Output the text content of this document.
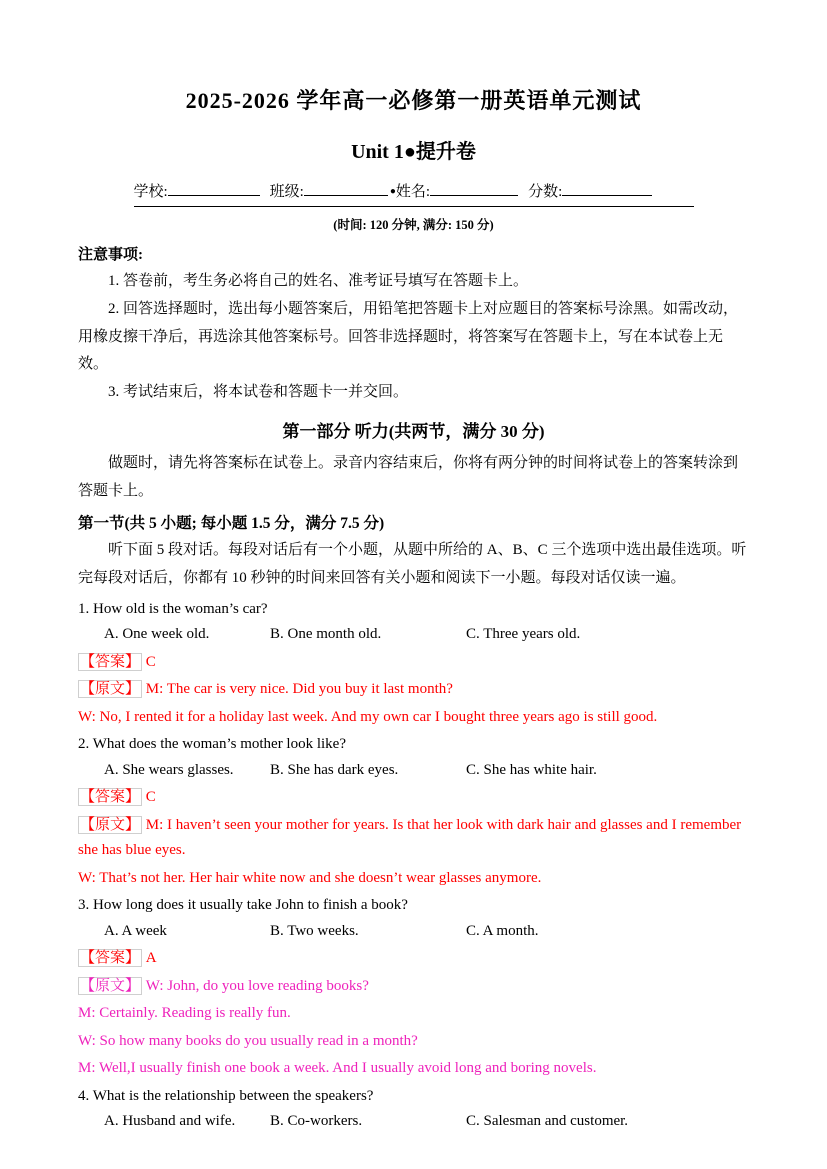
2025-2026 学年高一必修第一册英语单元测试
Unit 1●提升卷
学校:	班级:	●姓名:	分数:
(时间: 120 分钟, 满分: 150 分)
注意事项:

1. 答卷前，考生务必将自己的姓名、准考证号填写在答题卡上。

2. 回答选择题时，选出每小题答案后，用铅笔把答题卡上对应题目的答案标号涂黑。如需改动，用橡皮擦干净后，再选涂其他答案标号。回答非选择题时，将答案写在答题卡上，写在本试卷上无效。

3. 考试结束后，将本试卷和答题卡一并交回。

第一部分 听力(共两节，满分 30 分)

做题时，请先将答案标在试卷上。录音内容结束后，你将有两分钟的时间将试卷上的答案转涂到答题卡上。

第一节(共 5 小题; 每小题 1.5 分，满分 7.5 分)

听下面 5 段对话。每段对话后有一个小题，从题中所给的 A、B、C 三个选项中选出最佳选项。听完每段对话后，你都有 10 秒钟的时间来回答有关小题和阅读下一小题。每段对话仅读一遍。

1. How old is the woman’s car?
A. One week old.	B. One month old.	C. Three years old.
【答案】 C
【原文】 M: The car is very nice. Did you buy it last month?
W: No, I rented it for a holiday last week. And my own car I bought three years ago is still good.
2. What does the woman’s mother look like?
A. She wears glasses.	B. She has dark eyes.	C. She has white hair.
【答案】 C
【原文】 M: I haven’t seen your mother for years. Is that her look with dark hair and glasses and I remember she has blue eyes.
W: That’s not her. Her hair white now and she doesn’t wear glasses anymore.
3. How long does it usually take John to finish a book?
A. A week	B. Two weeks.	C. A month.
【答案】 A
【原文】 W: John, do you love reading books?
M: Certainly. Reading is really fun.
W: So how many books do you usually read in a month?
M: Well,I usually finish one book a week. And I usually avoid long and boring novels.
4. What is the relationship between the speakers?
A. Husband and wife.	B. Co-workers.	C. Salesman and customer.
